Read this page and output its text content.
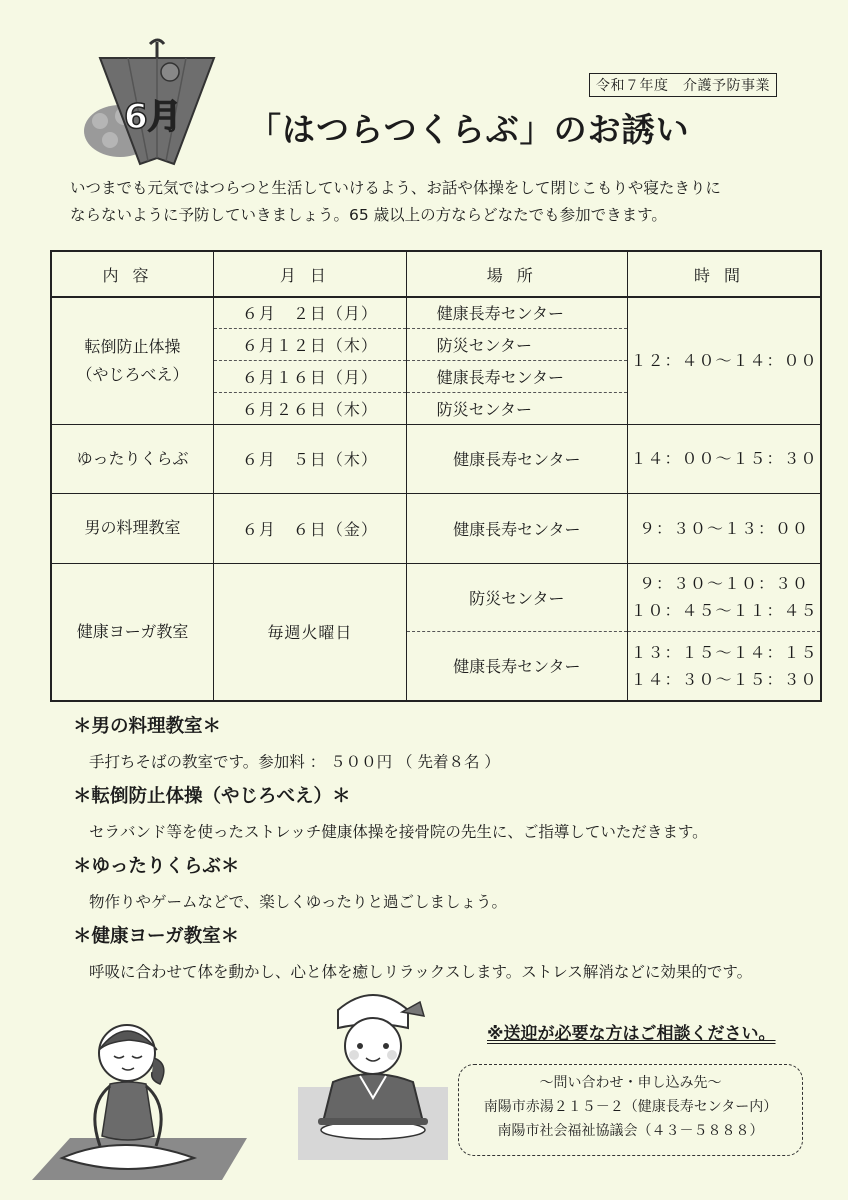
6月
令和７年度　介護予防事業
「はつらつくらぶ」のお誘い

いつまでも元気ではつらつと生活していけるよう、お話や体操をして閉じこもりや寝たきりに

ならないように予防していきましょう。65 歳以上の方ならどなたでも参加できます。

内容	月日	場所	時間
転倒防止体操
（やじろべえ）	６月　２日（月）	健康長寿センター	１２：４０～１４：００
	６月１２日（木）	防災センター	
	６月１６日（月）	健康長寿センター	
	６月２６日（木）	防災センター	
ゆったりくらぶ	６月　５日（木）	健康長寿センター	１４：００～１５：３０
男の料理教室	６月　６日（金）	健康長寿センター	９：３０～１３：００
健康ヨーガ教室	毎週火曜日	防災センター	９：３０～１０：３０
１０：４５～１１：４５
		健康長寿センター	１３：１５～１４：１５
１４：３０～１５：３０

＊男の料理教室＊

手打ちそばの教室です。参加料 ： ５００円 （ 先着８名 ）

＊転倒防止体操（やじろべえ）＊

セラバンド等を使ったストレッチ健康体操を接骨院の先生に、ご指導していただきます。

＊ゆったりくらぶ＊

物作りやゲームなどで、楽しくゆったりと過ごしましょう。

＊健康ヨーガ教室＊

呼吸に合わせて体を動かし、心と体を癒しリラックスします。ストレス解消などに効果的です。

※送迎が必要な方はご相談ください。
～問い合わせ・申し込み先～
南陽市赤湯２１５－２（健康長寿センター内）
南陽市社会福祉協議会（４３－５８８８）
